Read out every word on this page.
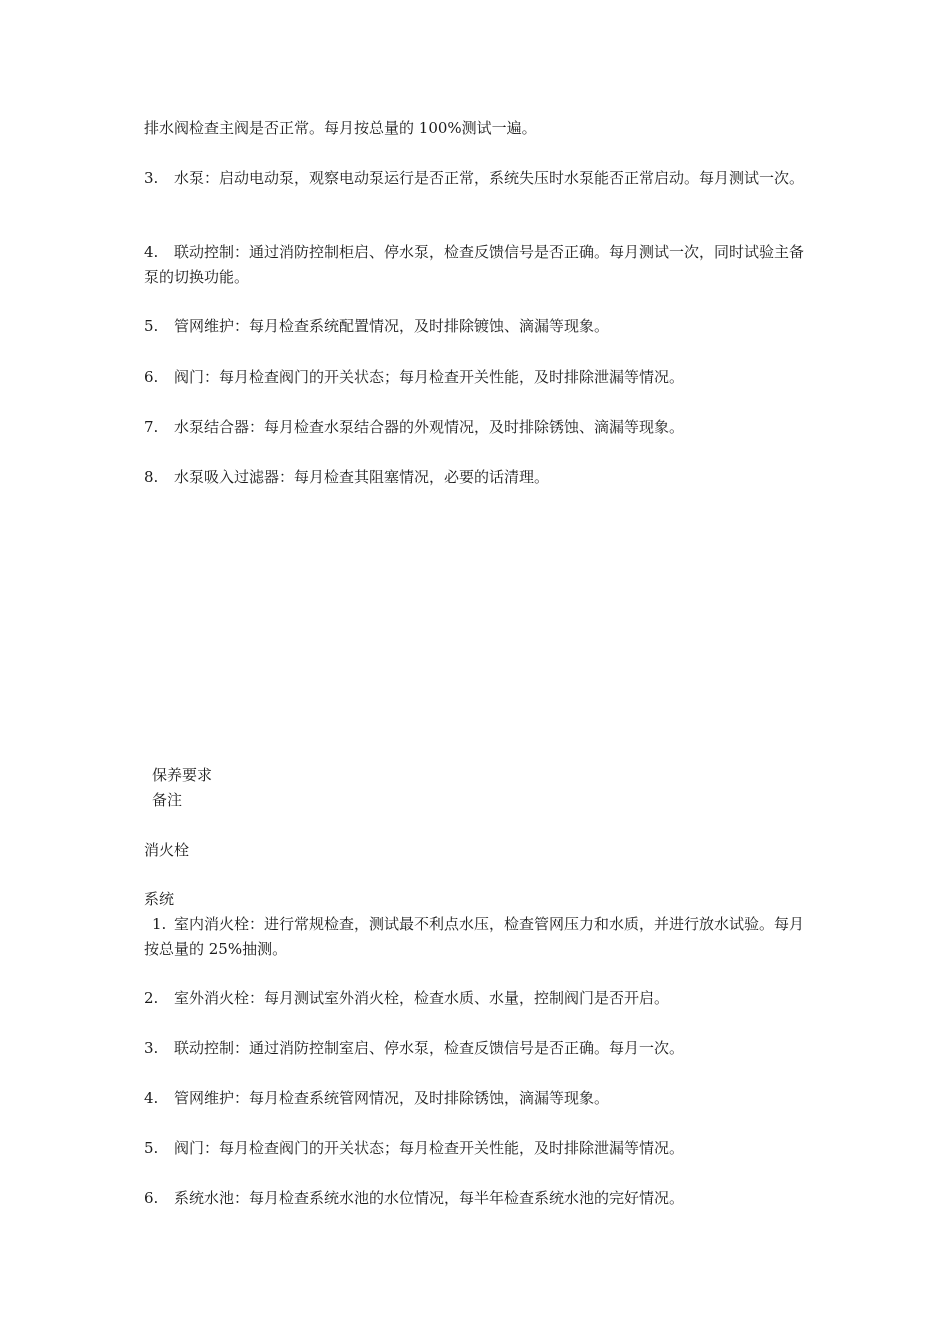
排水阀检查主阀是否正常。每月按总量的 100%测试一遍。

3. 水泵：启动电动泵，观察电动泵运行是否正常，系统失压时水泵能否正常启动。每月测试一次。

4. 联动控制：通过消防控制柜启、停水泵，检查反馈信号是否正确。每月测试一次，同时试验主备泵的切换功能。

5. 管网维护：每月检查系统配置情况，及时排除镀蚀、滴漏等现象。

6. 阀门：每月检查阀门的开关状态；每月检查开关性能，及时排除泄漏等情况。

7. 水泵结合器：每月检查水泵结合器的外观情况，及时排除锈蚀、滴漏等现象。

8. 水泵吸入过滤器：每月检查其阻塞情况，必要的话清理。

保养要求

备注

消火栓

系统

1. 室内消火栓：进行常规检查，测试最不利点水压，检查管网压力和水质，并进行放水试验。每月按总量的 25%抽测。

2. 室外消火栓：每月测试室外消火栓，检查水质、水量，控制阀门是否开启。

3. 联动控制：通过消防控制室启、停水泵，检查反馈信号是否正确。每月一次。

4. 管网维护：每月检查系统管网情况，及时排除锈蚀，滴漏等现象。

5. 阀门：每月检查阀门的开关状态；每月检查开关性能，及时排除泄漏等情况。

6. 系统水池：每月检查系统水池的水位情况，每半年检查系统水池的完好情况。
